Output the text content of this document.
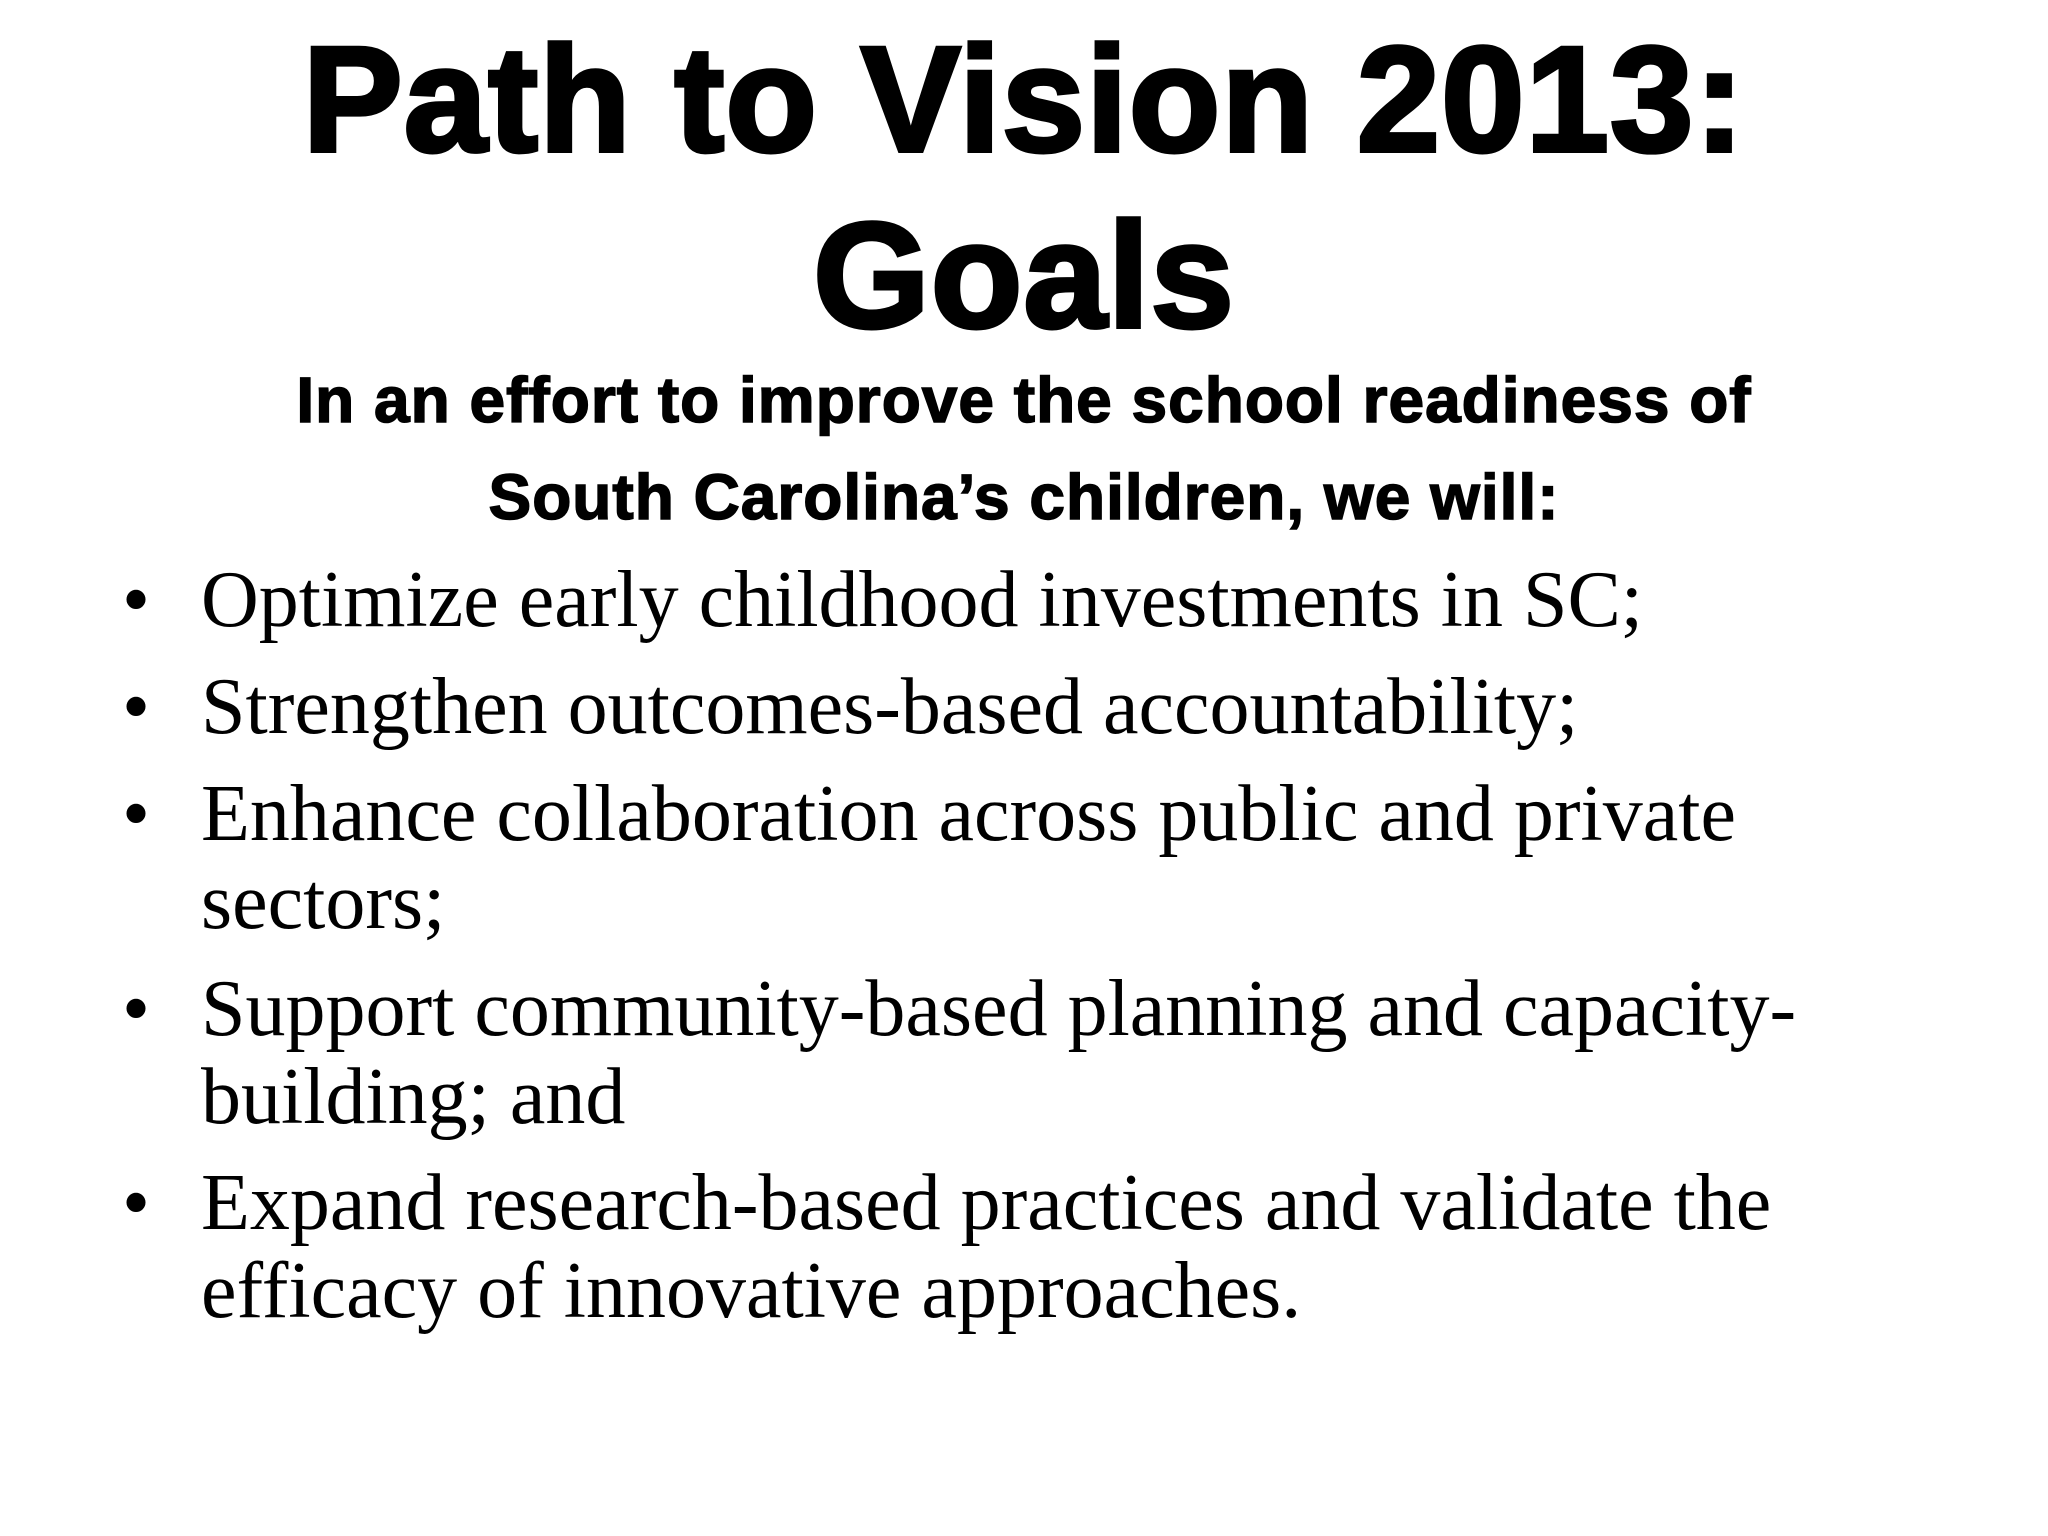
Path to Vision 2013:
Goals
In an effort to improve the school readiness of
South Carolina’s children, we will:
• Optimize early childhood investments in SC;
• Strengthen outcomes-based accountability;
• Enhance collaboration across public and private sectors;
• Support community-based planning and capacity-building; and
• Expand research-based practices and validate the efficacy of innovative approaches.
